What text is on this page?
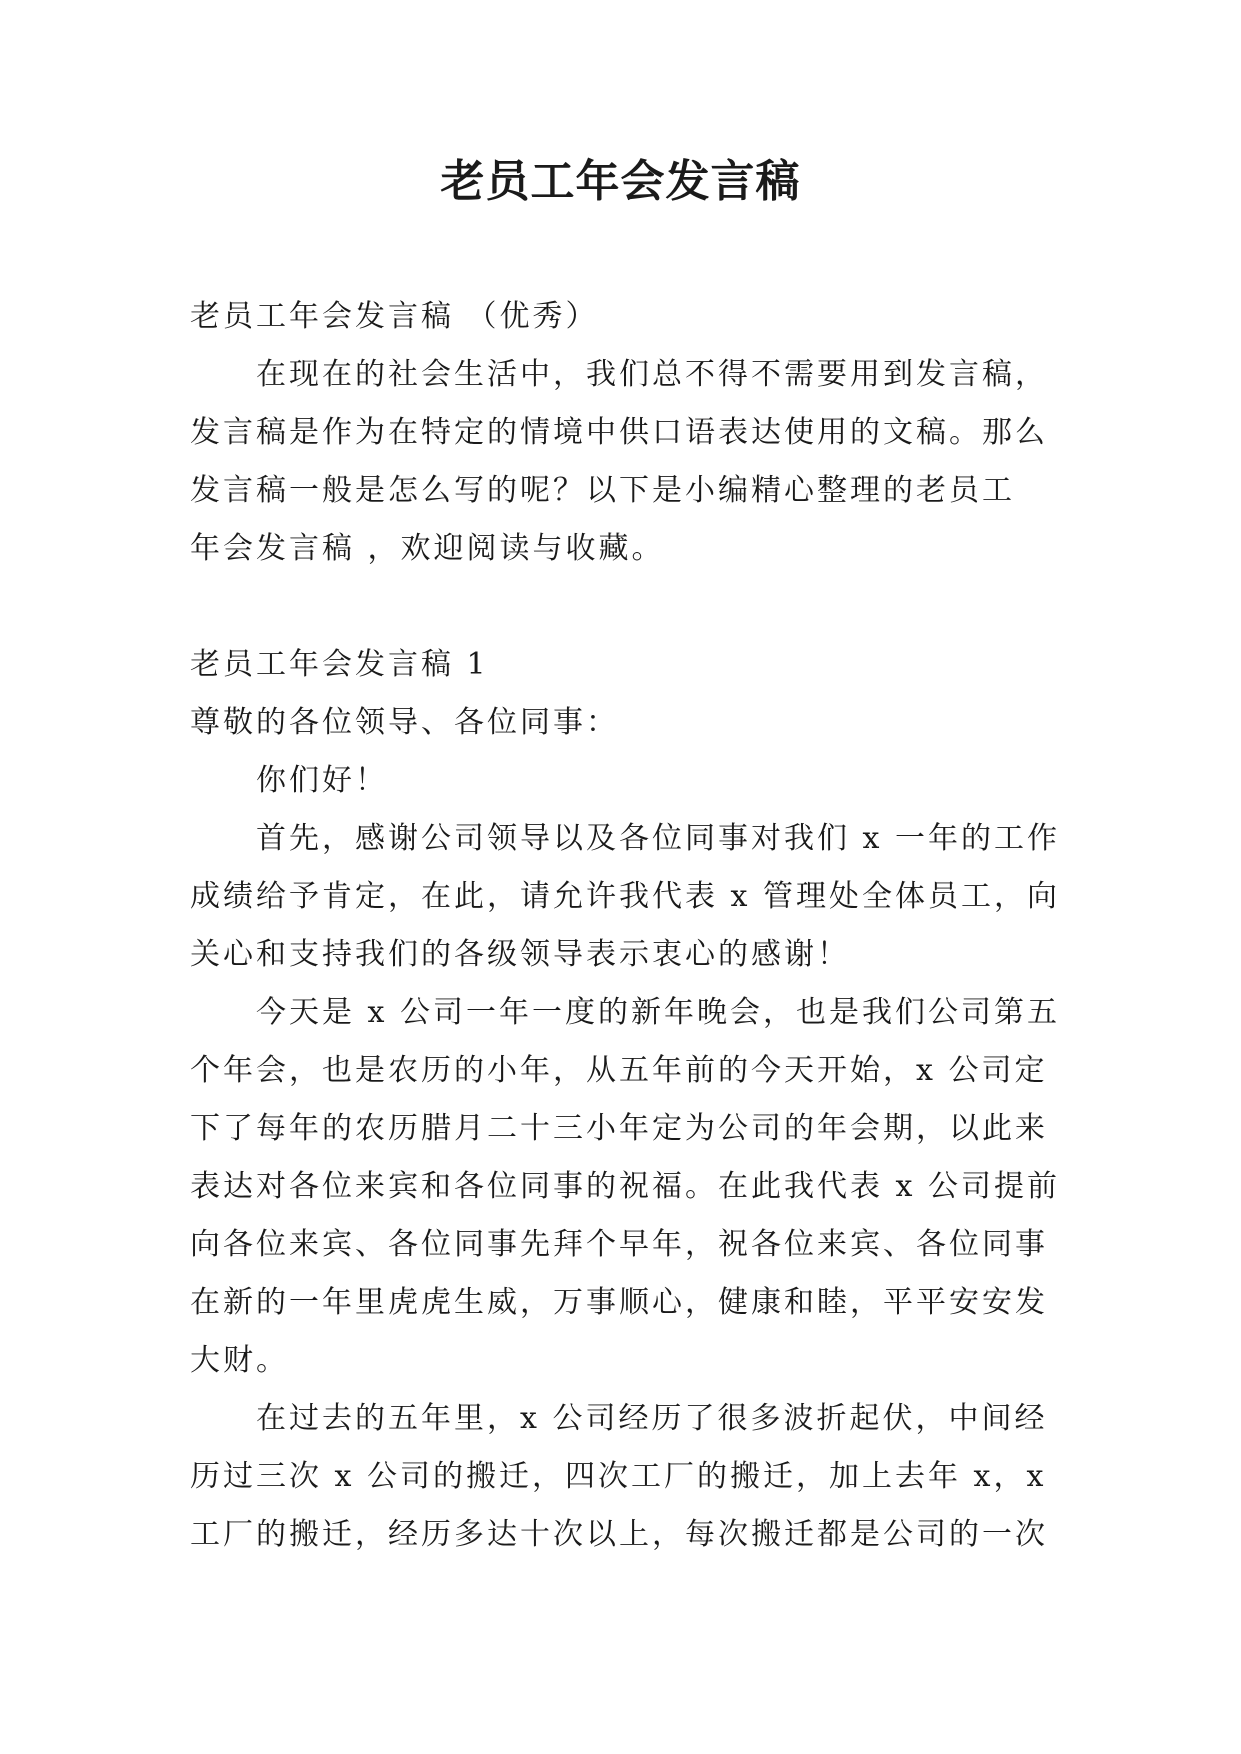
老员工年会发言稿
老员工年会发言稿 （优秀）
在现在的社会生活中，我们总不得不需要用到发言稿，
发言稿是作为在特定的情境中供口语表达使用的文稿。那么
发言稿一般是怎么写的呢？以下是小编精心整理的老员工
年会发言稿 ，欢迎阅读与收藏。
老员工年会发言稿 1
尊敬的各位领导、各位同事：
你们好！
首先，感谢公司领导以及各位同事对我们 x 一年的工作
成绩给予肯定，在此，请允许我代表 x 管理处全体员工，向
关心和支持我们的各级领导表示衷心的感谢！
今天是 x 公司一年一度的新年晚会，也是我们公司第五
个年会，也是农历的小年，从五年前的今天开始，x 公司定
下了每年的农历腊月二十三小年定为公司的年会期，以此来
表达对各位来宾和各位同事的祝福。在此我代表 x 公司提前
向各位来宾、各位同事先拜个早年，祝各位来宾、各位同事
在新的一年里虎虎生威，万事顺心，健康和睦，平平安安发
大财。
在过去的五年里，x 公司经历了很多波折起伏，中间经
历过三次 x 公司的搬迁，四次工厂的搬迁，加上去年 x，x
工厂的搬迁，经历多达十次以上，每次搬迁都是公司的一次
